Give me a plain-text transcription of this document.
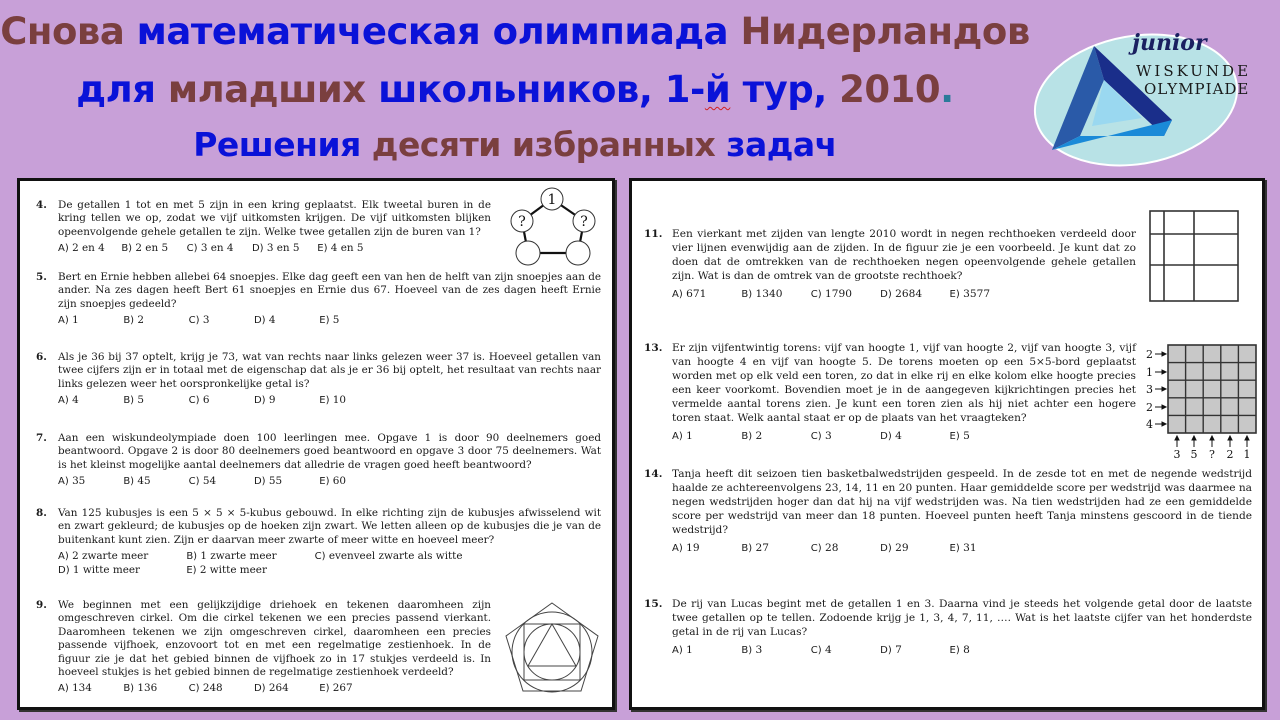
Снова математическая олимпиада Нидерландов
для младших школьников, 1-й тур, 2010.
Решения десяти избранных задач
junior
WISKUNDE
OLYMPIADE
4. De getallen 1 tot en met 5 zijn in een kring geplaatst. Elk tweetal buren in de kring tellen we op, zodat we vijf uitkomsten krijgen. De vijf uitkomsten blijken opeenvolgende gehele getallen te zijn. Welke twee getallen zijn de buren van 1?
A) 2 en 4 B) 2 en 5 C) 3 en 4 D) 3 en 5 E) 4 en 5
1
?	?
5. Bert en Ernie hebben allebei 64 snoepjes. Elke dag geeft een van hen de helft van zijn snoepjes aan de ander. Na zes dagen heeft Bert 61 snoepjes en Ernie dus 67. Hoeveel van de zes dagen heeft Ernie zijn snoepjes gedeeld?
A) 1	B) 2	C) 3	D) 4	E) 5
6. Als je 36 bij 37 optelt, krijg je 73, wat van rechts naar links gelezen weer 37 is. Hoeveel getallen van twee cijfers zijn er in totaal met de eigenschap dat als je er 36 bij optelt, het resultaat van rechts naar links gelezen weer het oorspronkelijke getal is?
A) 4	B) 5	C) 6	D) 9	E) 10
7. Aan een wiskundeolympiade doen 100 leerlingen mee. Opgave 1 is door 90 deelnemers goed beantwoord. Opgave 2 is door 80 deelnemers goed beantwoord en opgave 3 door 75 deelnemers. Wat is het kleinst mogelijke aantal deelnemers dat alledrie de vragen goed heeft beantwoord?
A) 35	B) 45	C) 54	D) 55	E) 60
8. Van 125 kubusjes is een 5 × 5 × 5-kubus gebouwd. In elke richting zijn de kubusjes afwisselend wit en zwart gekleurd; de kubusjes op de hoeken zijn zwart. We letten alleen op de kubusjes die je van de buitenkant kunt zien. Zijn er daarvan meer zwarte of meer witte en hoeveel meer?
A) 2 zwarte meer	B) 1 zwarte meer	C) evenveel zwarte als witte
D) 1 witte meer	E) 2 witte meer
9. We beginnen met een gelijkzijdige driehoek en tekenen daaromheen zijn omgeschreven cirkel. Om die cirkel tekenen we een precies passend vierkant. Daaromheen tekenen we zijn omgeschreven cirkel, daaromheen een precies passende vijfhoek, enzovoort tot en met een regelmatige zestienhoek. In de figuur zie je dat het gebied binnen de vijfhoek zo in 17 stukjes verdeeld is. In hoeveel stukjes is het gebied binnen de regelmatige zestienhoek verdeeld?
A) 134	B) 136	C) 248	D) 264	E) 267
11. Een vierkant met zijden van lengte 2010 wordt in negen rechthoeken verdeeld door vier lijnen evenwijdig aan de zijden. In de figuur zie je een voorbeeld. Je kunt dat zo doen dat de omtrekken van de rechthoeken negen opeenvolgende gehele getallen zijn. Wat is dan de omtrek van de grootste rechthoek?
A) 671	B) 1340	C) 1790	D) 2684	E) 3577
13. Er zijn vijfentwintig torens: vijf van hoogte 1, vijf van hoogte 2, vijf van hoogte 3, vijf van hoogte 4 en vijf van hoogte 5. De torens moeten op een 5×5-bord geplaatst worden met op elk veld een toren, zo dat in elke rij en elke kolom elke hoogte precies een keer voorkomt. Bovendien moet je in de aangegeven kijkrichtingen precies het vermelde aantal torens zien. Je kunt een toren zien als hij niet achter een hogere toren staat. Welk aantal staat er op de plaats van het vraagteken?
A) 1	B) 2	C) 3	D) 4	E) 5
2
1
3
2
4
3 5 ? 2 1
14. Tanja heeft dit seizoen tien basketbalwedstrijden gespeeld. In de zesde tot en met de negende wedstrijd haalde ze achtereenvolgens 23, 14, 11 en 20 punten. Haar gemiddelde score per wedstrijd was daarmee na negen wedstrijden hoger dan dat hij na vijf wedstrijden was. Na tien wedstrijden had ze een gemiddelde score per wedstrijd van meer dan 18 punten. Hoeveel punten heeft Tanja minstens gescoord in de tiende wedstrijd?
A) 19	B) 27	C) 28	D) 29	E) 31
15. De rij van Lucas begint met de getallen 1 en 3. Daarna vind je steeds het volgende getal door de laatste twee getallen op te tellen. Zodoende krijg je 1, 3, 4, 7, 11, …. Wat is het laatste cijfer van het honderdste getal in de rij van Lucas?
A) 1	B) 3	C) 4	D) 7	E) 8
